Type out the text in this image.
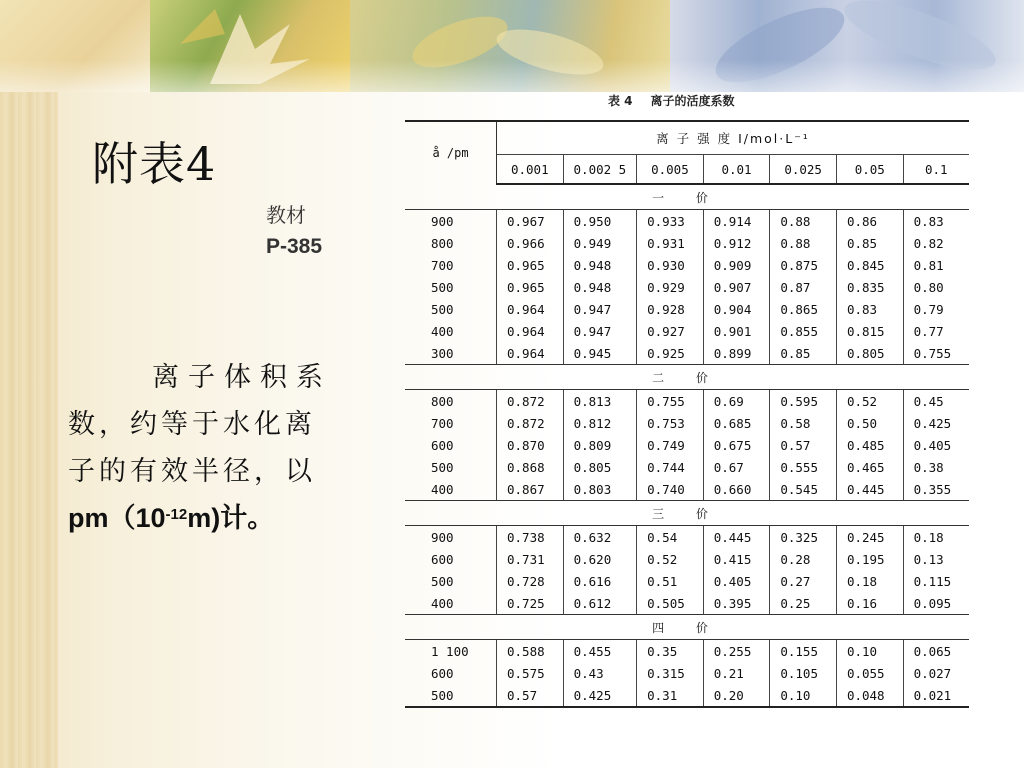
附表4
教材
P-385
离子体积系
数，约等于水化离
子的有效半径，以
$pm(10^{-12}m)$计。
表 4 离子的活度系数
å /pm	离 子 强 度 I/mol·L⁻¹						
	0.001	0.002 5	0.005	0.01	0.025	0.05	0.1
一 价							
900	0.967	0.950	0.933	0.914	0.88	0.86	0.83
800	0.966	0.949	0.931	0.912	0.88	0.85	0.82
700	0.965	0.948	0.930	0.909	0.875	0.845	0.81
500	0.965	0.948	0.929	0.907	0.87	0.835	0.80
500	0.964	0.947	0.928	0.904	0.865	0.83	0.79
400	0.964	0.947	0.927	0.901	0.855	0.815	0.77
300	0.964	0.945	0.925	0.899	0.85	0.805	0.755
二 价							
800	0.872	0.813	0.755	0.69	0.595	0.52	0.45
700	0.872	0.812	0.753	0.685	0.58	0.50	0.425
600	0.870	0.809	0.749	0.675	0.57	0.485	0.405
500	0.868	0.805	0.744	0.67	0.555	0.465	0.38
400	0.867	0.803	0.740	0.660	0.545	0.445	0.355
三 价							
900	0.738	0.632	0.54	0.445	0.325	0.245	0.18
600	0.731	0.620	0.52	0.415	0.28	0.195	0.13
500	0.728	0.616	0.51	0.405	0.27	0.18	0.115
400	0.725	0.612	0.505	0.395	0.25	0.16	0.095
四 价							
1 100	0.588	0.455	0.35	0.255	0.155	0.10	0.065
600	0.575	0.43	0.315	0.21	0.105	0.055	0.027
500	0.57	0.425	0.31	0.20	0.10	0.048	0.021
